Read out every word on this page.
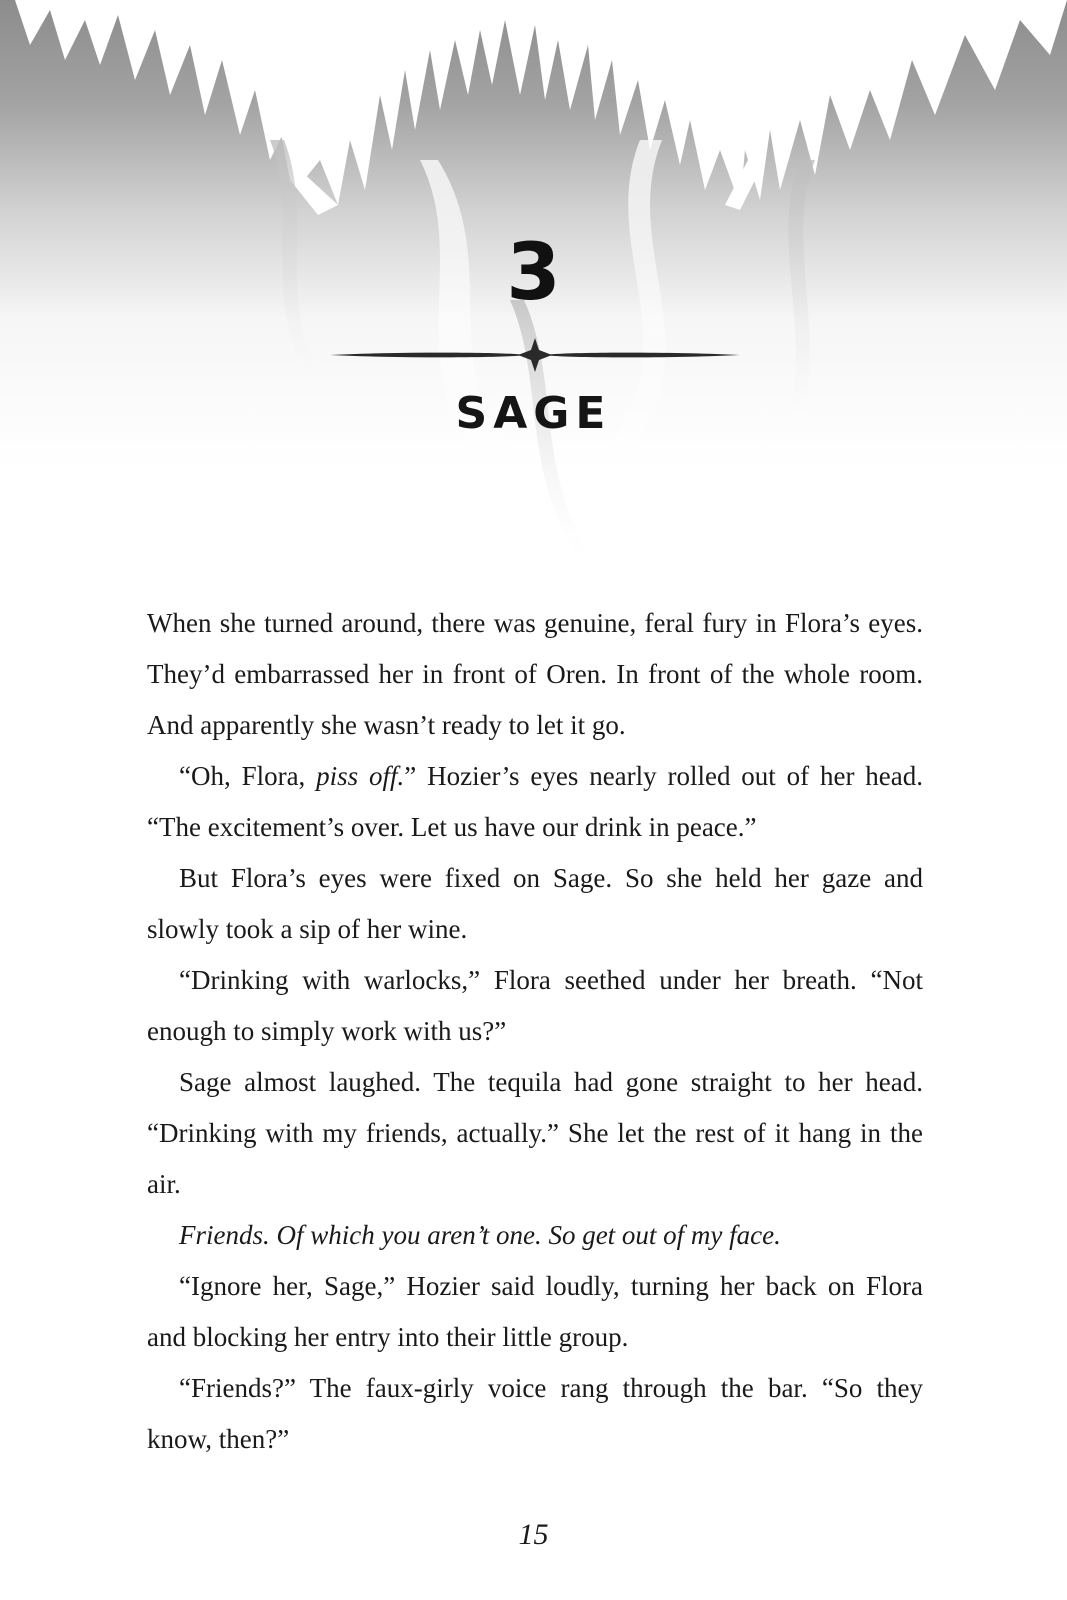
3
SAGE

When she turned around, there was genuine, feral fury in Flora’s eyes. They’d embarrassed her in front of Oren. In front of the whole room. And apparently she wasn’t ready to let it go.

“Oh, Flora, piss off.” Hozier’s eyes nearly rolled out of her head. “The excitement’s over. Let us have our drink in peace.”

But Flora’s eyes were fixed on Sage. So she held her gaze and slowly took a sip of her wine.

“Drinking with warlocks,” Flora seethed under her breath. “Not enough to simply work with us?”

Sage almost laughed. The tequila had gone straight to her head. “Drinking with my friends, actually.” She let the rest of it hang in the air.

Friends. Of which you aren’t one. So get out of my face.

“Ignore her, Sage,” Hozier said loudly, turning her back on Flora and blocking her entry into their little group.

“Friends?” The faux-girly voice rang through the bar. “So they know, then?”

15
